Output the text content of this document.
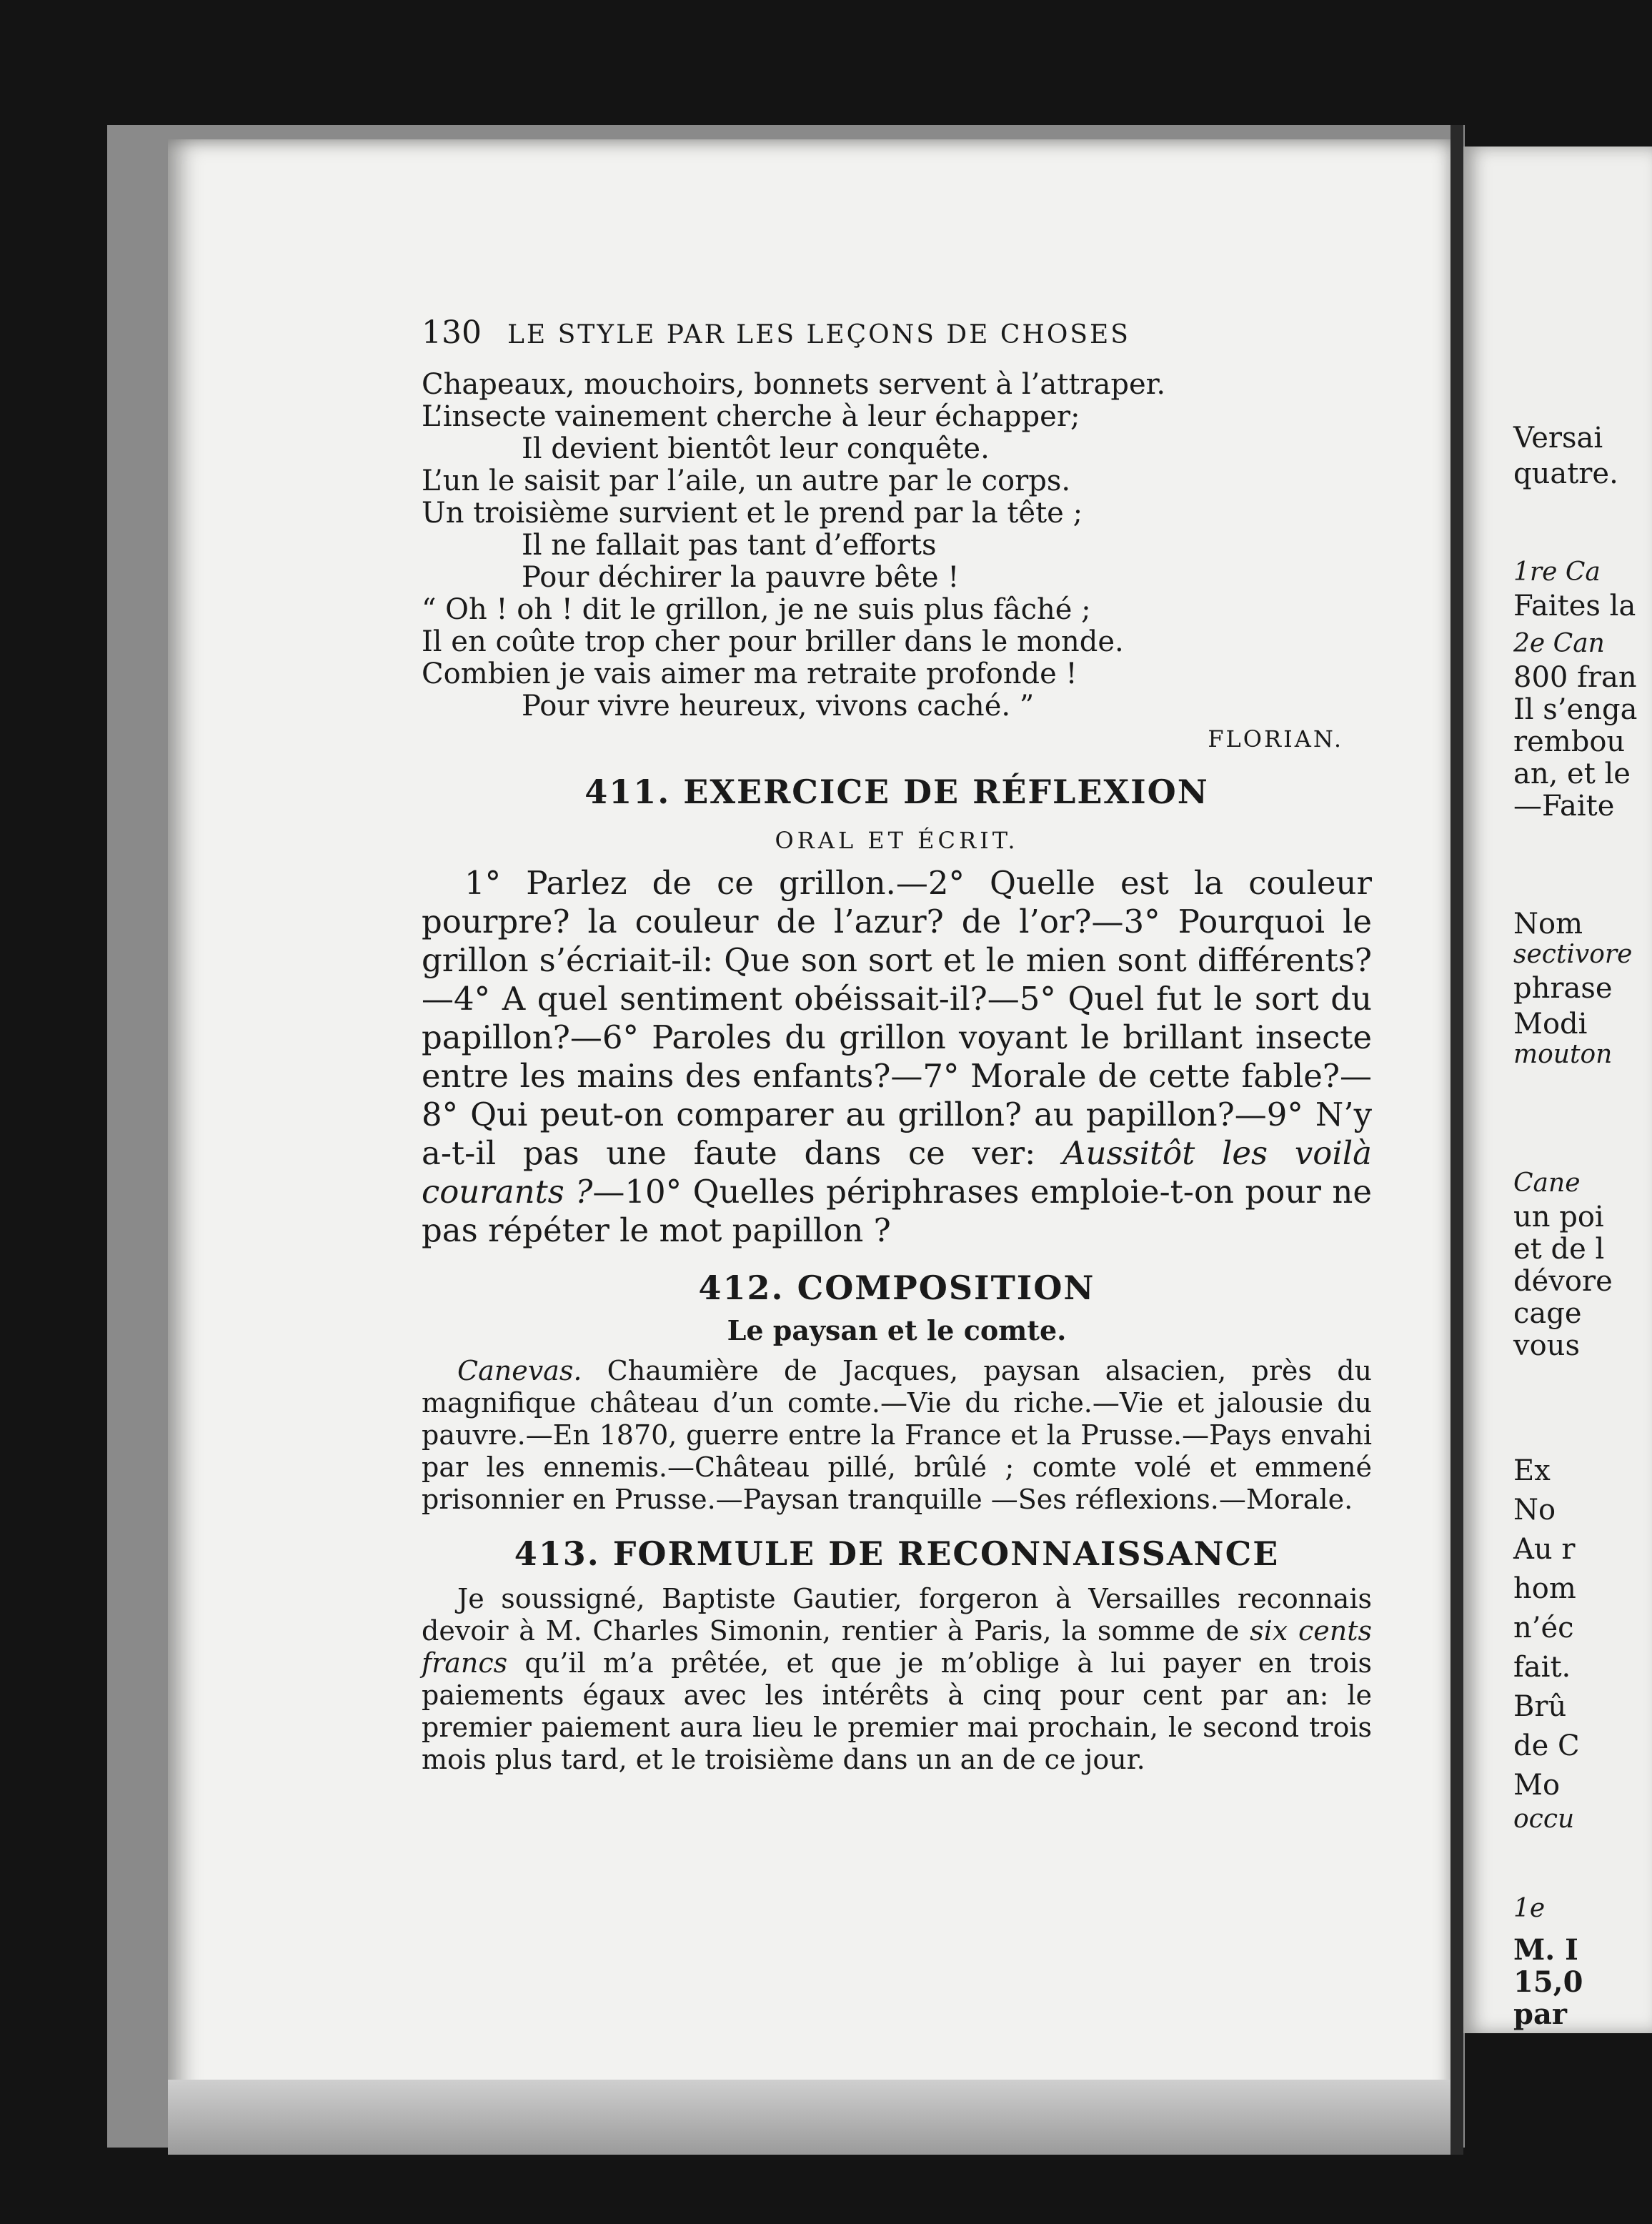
130	LE STYLE PAR LES LEÇONS DE CHOSES
Chapeaux, mouchoirs, bonnets servent à l’attraper.
L’insecte vainement cherche à leur échapper;
Il devient bientôt leur conquête.
L’un le saisit par l’aile, un autre par le corps.
Un troisième survient et le prend par la tête ;
Il ne fallait pas tant d’efforts
Pour déchirer la pauvre bête !
“ Oh ! oh ! dit le grillon, je ne suis plus fâché ;
Il en coûte trop cher pour briller dans le monde.
Combien je vais aimer ma retraite profonde !
Pour vivre heureux, vivons caché. ”
FLORIAN.
411. EXERCICE DE RÉFLEXION
ORAL ET ÉCRIT.

1° Parlez de ce grillon.—2° Quelle est la couleur pourpre? la couleur de l’azur? de l’or?—3° Pourquoi le grillon s’écriait-il: Que son sort et le mien sont différents?—4° A quel sentiment obéissait-il?—5° Quel fut le sort du papillon?—6° Paroles du grillon voyant le brillant insecte entre les mains des enfants?—7° Morale de cette fable?—8° Qui peut-on comparer au grillon? au papillon?—9° N’y a-t-il pas une faute dans ce ver: Aussitôt les voilà courants ?—10° Quelles périphrases emploie-t-on pour ne pas répéter le mot papillon ?

412. COMPOSITION
Le paysan et le comte.

Canevas. Chaumière de Jacques, paysan alsacien, près du magnifique château d’un comte.—Vie du riche.—Vie et jalousie du pauvre.—En 1870, guerre entre la France et la Prusse.—Pays envahi par les ennemis.—Château pillé, brûlé ; comte volé et emmené prisonnier en Prusse.—Paysan tranquille —Ses réflexions.—Morale.

413. FORMULE DE RECONNAISSANCE

Je soussigné, Baptiste Gautier, forgeron à Versailles reconnais devoir à M. Charles Simonin, rentier à Paris, la somme de six cents francs qu’il m’a prêtée, et que je m’oblige à lui payer en trois paiements égaux avec les intérêts à cinq pour cent par an: le premier paiement aura lieu le premier mai prochain, le second trois mois plus tard, et le troisième dans un an de ce jour.

Versai
quatre.
1re Ca
Faites la
2e Can
800 fran
Il s’enga
rembou
an, et le
—Faite
Nom
sectivore
phrase
Modi
mouton
Cane
un poi
et de l
dévore
cage
vous
Ex
No
Au r
hom
n’éc
fait.
Brû
de C
Mo
occu
1e
M. I
15,0
par
